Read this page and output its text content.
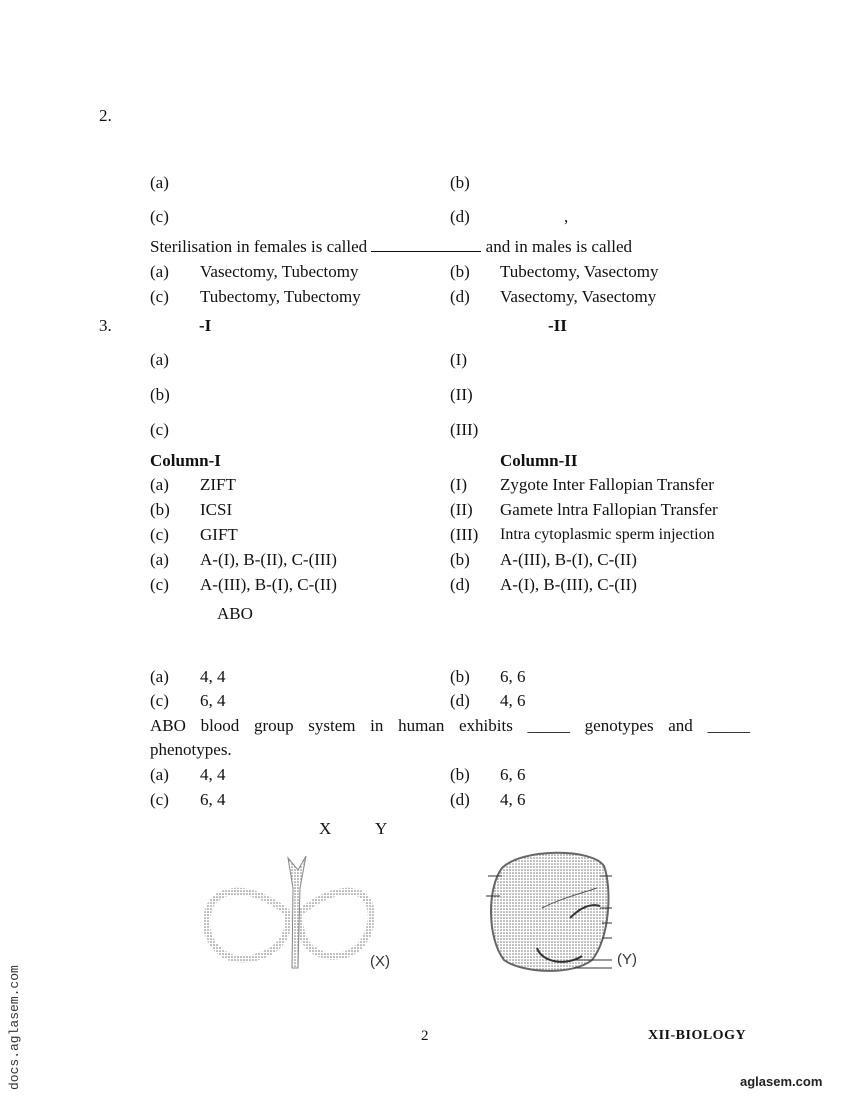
2.
(a)	(b)
(c)	(d)	,
Sterilisation in females is called	and in males is called
(a) Vasectomy, Tubectomy	(b) Tubectomy, Vasectomy
(c) Tubectomy, Tubectomy	(d) Vasectomy, Vasectomy
3.	-I	-II
(a)	(I)
(b)	(II)
(c)	(III)
Column-I	Column-II
(a) ZIFT	(I) Zygote Inter Fallopian Transfer
(b) ICSI	(II) Gamete lntra Fallopian Transfer
(c) GIFT	(III) Intra cytoplasmic sperm injection
(a) A-(I), B-(II), C-(III)	(b) A-(III), B-(I), C-(II)
(c) A-(III), B-(I), C-(II)	(d) A-(I), B-(III), C-(II)
ABO
(a) 4, 4	(b) 6, 6
(c) 6, 4	(d) 4, 6
ABO blood group system in human exhibits _____ genotypes and _____
phenotypes.
(a) 4, 4	(b) 6, 6
(c) 6, 4	(d) 4, 6
X	Y
(X)	(Y)
2	XII-BIOLOGY
aglasem.com
docs.aglasem.com
